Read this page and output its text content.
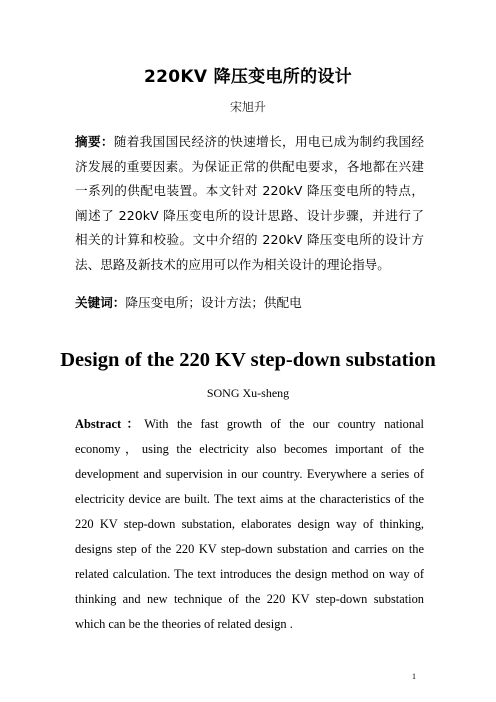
220KV 降压变电所的设计
宋旭升
摘要：随着我国国民经济的快速增长，用电已成为制约我国经济发展的重要因素。为保证正常的供配电要求，各地都在兴建一系列的供配电装置。本文针对 220kV 降压变电所的特点，阐述了 220kV 降压变电所的设计思路、设计步骤，并进行了相关的计算和校验。文中介绍的 220kV 降压变电所的设计方法、思路及新技术的应用可以作为相关设计的理论指导。
关键词：降压变电所；设计方法；供配电
Design of the 220 KV step-down substation
SONG Xu-sheng
Abstract：With the fast growth of the our country national economy，using the electricity also becomes important of the development and supervision in our country. Everywhere a series of electricity device are built. The text aims at the characteristics of the 220 KV step-down substation, elaborates design way of thinking, designs step of the 220 KV step-down substation and carries on the related calculation. The text introduces the design method on way of thinking and new technique of the 220 KV step-down substation which can be the theories of related design .
1
